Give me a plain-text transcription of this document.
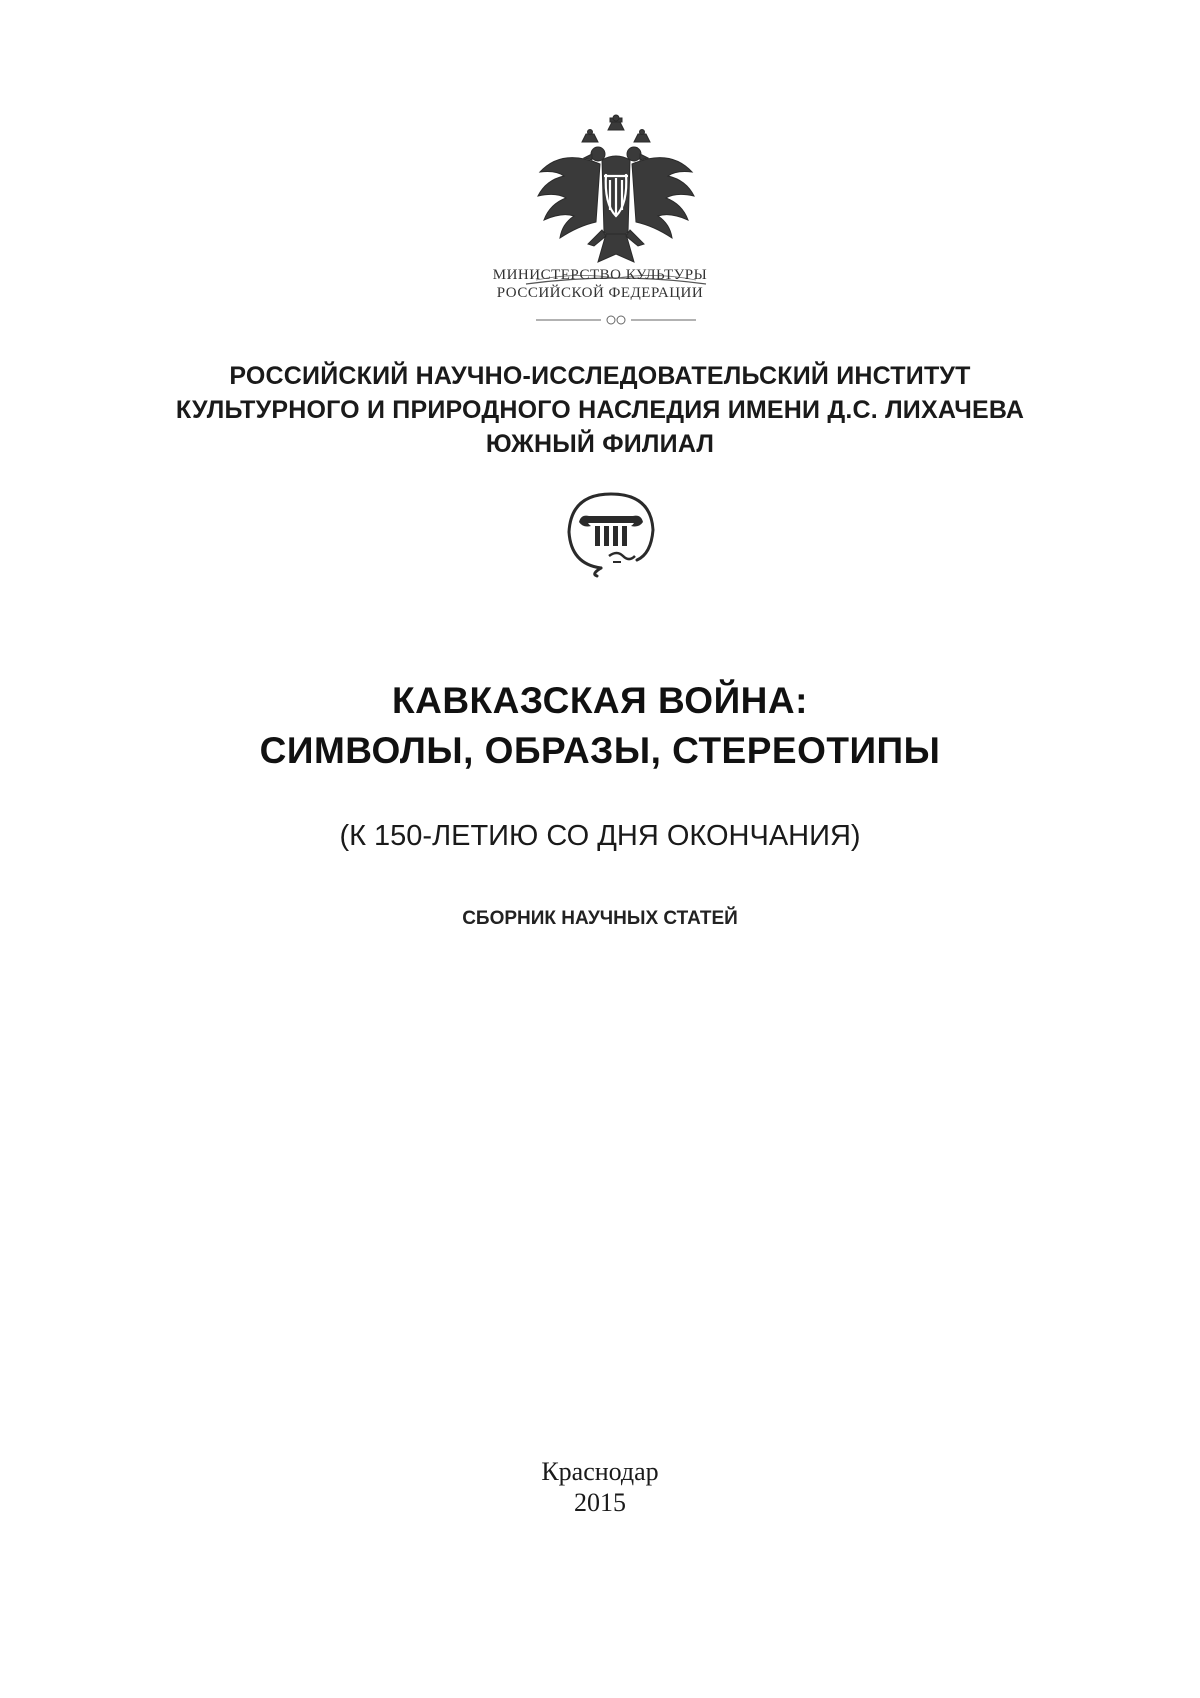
МИНИСТЕРСТВО КУЛЬТУРЫ
РОССИЙСКОЙ ФЕДЕРАЦИИ
РОССИЙСКИЙ НАУЧНО-ИССЛЕДОВАТЕЛЬСКИЙ ИНСТИТУТ
КУЛЬТУРНОГО И ПРИРОДНОГО НАСЛЕДИЯ ИМЕНИ Д.С. ЛИХАЧЕВА
ЮЖНЫЙ ФИЛИАЛ
КАВКАЗСКАЯ ВОЙНА:
СИМВОЛЫ, ОБРАЗЫ, СТЕРЕОТИПЫ
(К 150-ЛЕТИЮ СО ДНЯ ОКОНЧАНИЯ)
СБОРНИК НАУЧНЫХ СТАТЕЙ
Краснодар
2015
